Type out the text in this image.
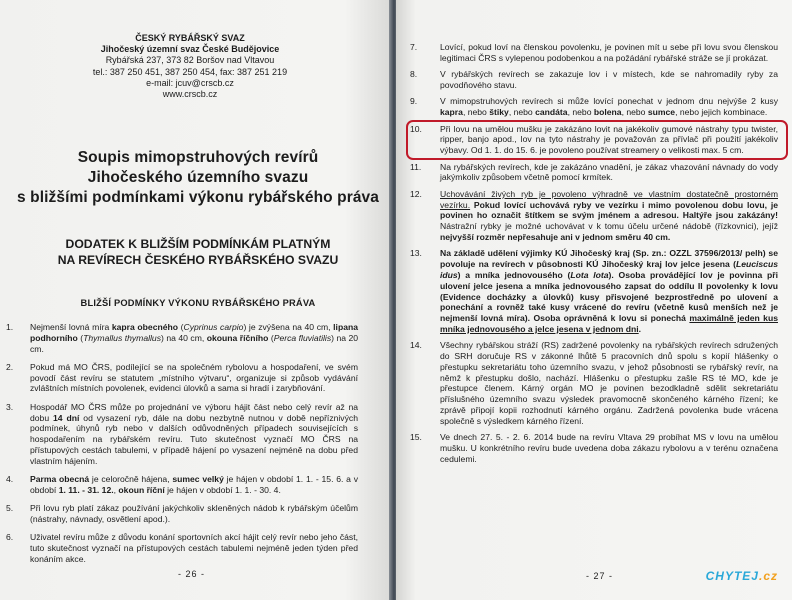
ČESKÝ RYBÁŘSKÝ SVAZ
Jihočeský územní svaz České Budějovice
Rybářská 237, 373 82 Boršov nad Vltavou
tel.: 387 250 451, 387 250 454, fax: 387 251 219
e-mail: jcuv@crscb.cz
www.crscb.cz
Soupis mimopstruhových revírů
Jihočeského územního svazu
s bližšími podmínkami výkonu rybářského práva
DODATEK K BLIŽŠÍM PODMÍNKÁM PLATNÝM
NA REVÍRECH ČESKÉHO RYBÁŘSKÉHO SVAZU
BLIŽŠÍ PODMÍNKY VÝKONU RYBÁŘSKÉHO PRÁVA
1.	Nejmenší lovná míra kapra obecného (Cyprinus carpio) je zvýšena na 40 cm, lipana podhorního (Thymallus thymallus) na 40 cm, okouna říčního (Perca fluviatilis) na 20 cm.
2.	Pokud má MO ČRS, podílející se na společném rybolovu a hospodaření, ve svém povodí část revíru se statutem „místního výtvaru“, organizuje si způsob vydávání zvláštních místních povolenek, evidenci úlovků a sama si hradí i zarybňování.
3.	Hospodář MO ČRS může po projednání ve výboru hájit část nebo celý revír až na dobu 14 dní od vysazení ryb, dále na dobu nezbytně nutnou v době nepříznivých podmínek, úhynů ryb nebo v dalších odůvodněných případech souvisejících s hospodařením na rybářském revíru. Tuto skutečnost vyznačí MO ČRS na přístupových cestách tabulemi, v případě hájení po vysazení nejméně na dobu před vlastním hájením.
4.	Parma obecná je celoročně hájena, sumec velký je hájen v období 1. 1. - 15. 6. a v období 1. 11. - 31. 12., okoun říční je hájen v období 1. 1. - 30. 4.
5.	Při lovu ryb platí zákaz používání jakýchkoliv skleněných nádob k rybářským účelům (nástrahy, návnady, osvětlení apod.).
6.	Uživatel revíru může z důvodu konání sportovních akcí hájit celý revír nebo jeho část, tuto skutečnost vyznačí na přístupových cestách tabulemi nejméně jeden týden před konáním akce.
- 26 -
7.	Lovící, pokud loví na členskou povolenku, je povinen mít u sebe při lovu svou členskou legitimaci ČRS s vylepenou podobenkou a na požádání rybářské stráže se jí prokázat.
8.	V rybářských revírech se zakazuje lov i v místech, kde se nahromadily ryby za povodňového stavu.
9.	V mimopstruhových revírech si může lovící ponechat v jednom dnu nejvýše 2 kusy kapra, nebo štiky, nebo candáta, nebo bolena, nebo sumce, nebo jejich kombinace.
10.	Při lovu na umělou mušku je zakázáno lovit na jakékoliv gumové nástrahy typu twister, ripper, banjo apod., lov na tyto nástrahy je považován za přívlač při použití jakékoliv výbavy. Od 1. 1. do 15. 6. je povoleno používat streamery o velikosti max. 5 cm.
11.	Na rybářských revírech, kde je zakázáno vnadění, je zákaz vhazování návnady do vody jakýmkoliv způsobem včetně pomocí krmítek.
12.	Uchovávání živých ryb je povoleno výhradně ve vlastním dostatečně prostorném vezírku. Pokud lovící uchovává ryby ve vezírku i mimo povolenou dobu lovu, je povinen ho označit štítkem se svým jménem a adresou. Haltýře jsou zakázány! Nástražní rybky je možné uchovávat v k tomu účelu určené nádobě (řízkovnici), jejíž nejvyšší rozměr nepřesahuje ani v jednom směru 40 cm.
13.	Na základě udělení výjimky KÚ Jihočeský kraj (Sp. zn.: OZZL 37596/2013/ pelh) se povoluje na revírech v působnosti KÚ Jihočeský kraj lov jelce jesena (Leuciscus idus) a mníka jednovousého (Lota lota). Osoba provádějící lov je povinna při ulovení jelce jesena a mníka jednovousého zapsat do oddílu II povolenky k lovu (Evidence docházky a úlovků) kusy přisvojené bezprostředně po ulovení a ponechání a rovněž také kusy vrácené do revíru (včetně kusů menších než je nejmenší lovná míra). Osoba oprávněná k lovu si ponechá maximálně jeden kus mníka jednovousého a jelce jesena v jednom dni.
14.	Všechny rybářskou stráží (RS) zadržené povolenky na rybářských revírech sdružených do SRH doručuje RS v zákonné lhůtě 5 pracovních dnů spolu s kopií hlášenky o přestupku sekretariátu toho územního svazu, v jehož působnosti se rybářský revír, na němž k přestupku došlo, nachází. Hlášenku o přestupku zašle RS té MO, kde je přestupce členem. Kárný orgán MO je povinen bezodkladně sdělit sekretariátu příslušného územního svazu výsledek pravomocně skončeného kárného řízení; ke zprávě připojí kopii rozhodnutí kárného orgánu. Zadržená povolenka bude vrácena společně s výsledkem kárného řízení.
15.	Ve dnech 27. 5. - 2. 6. 2014 bude na revíru Vltava 29 probíhat MS v lovu na umělou mušku. U konkrétního revíru bude uvedena doba zákazu rybolovu a v terénu označena cedulemi.
- 27 -	CHYTEJ.cz
